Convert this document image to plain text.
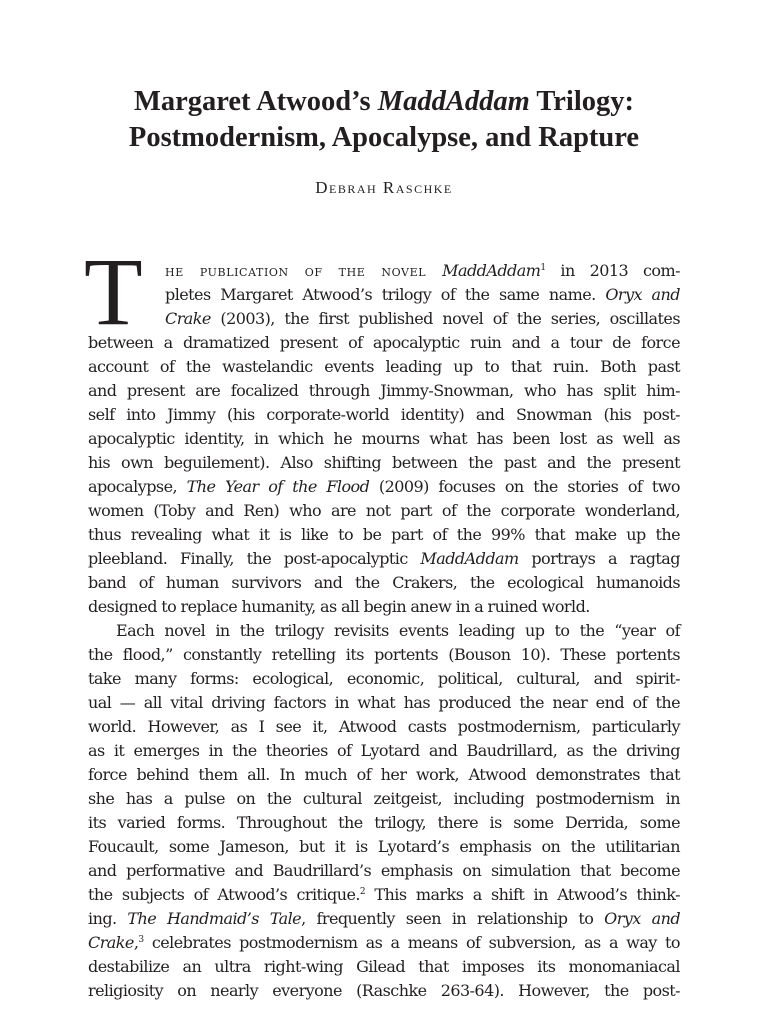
Margaret Atwood’s MaddAddam Trilogy:
Postmodernism, Apocalypse, and Rapture
Debrah Raschke
T he publication of the novel MaddAddam$^1$ in 2013 com-
pletes Margaret Atwood’s trilogy of the same name. Oryx and
Crake (2003), the first published novel of the series, oscillates
between a dramatized present of apocalyptic ruin and a tour de force
account of the wastelandic events leading up to that ruin. Both past
and present are focalized through Jimmy-Snowman, who has split him-
self into Jimmy (his corporate-world identity) and Snowman (his post-
apocalyptic identity, in which he mourns what has been lost as well as
his own beguilement). Also shifting between the past and the present
apocalypse, The Year of the Flood (2009) focuses on the stories of two
women (Toby and Ren) who are not part of the corporate wonderland,
thus revealing what it is like to be part of the 99% that make up the
pleebland. Finally, the post-apocalyptic MaddAddam portrays a ragtag
band of human survivors and the Crakers, the ecological humanoids
designed to replace humanity, as all begin anew in a ruined world.
Each novel in the trilogy revisits events leading up to the “year of
the flood,” constantly retelling its portents (Bouson 10). These portents
take many forms: ecological, economic, political, cultural, and spirit-
ual — all vital driving factors in what has produced the near end of the
world. However, as I see it, Atwood casts postmodernism, particularly
as it emerges in the theories of Lyotard and Baudrillard, as the driving
force behind them all. In much of her work, Atwood demonstrates that
she has a pulse on the cultural zeitgeist, including postmodernism in
its varied forms. Throughout the trilogy, there is some Derrida, some
Foucault, some Jameson, but it is Lyotard’s emphasis on the utilitarian
and performative and Baudrillard’s emphasis on simulation that become
the subjects of Atwood’s critique.$^2$ This marks a shift in Atwood’s think-
ing. The Handmaid’s Tale, frequently seen in relationship to Oryx and
Crake,$^3$ celebrates postmodernism as a means of subversion, as a way to
destabilize an ultra right-wing Gilead that imposes its monomaniacal
religiosity on nearly everyone (Raschke 263-64). However, the post-
